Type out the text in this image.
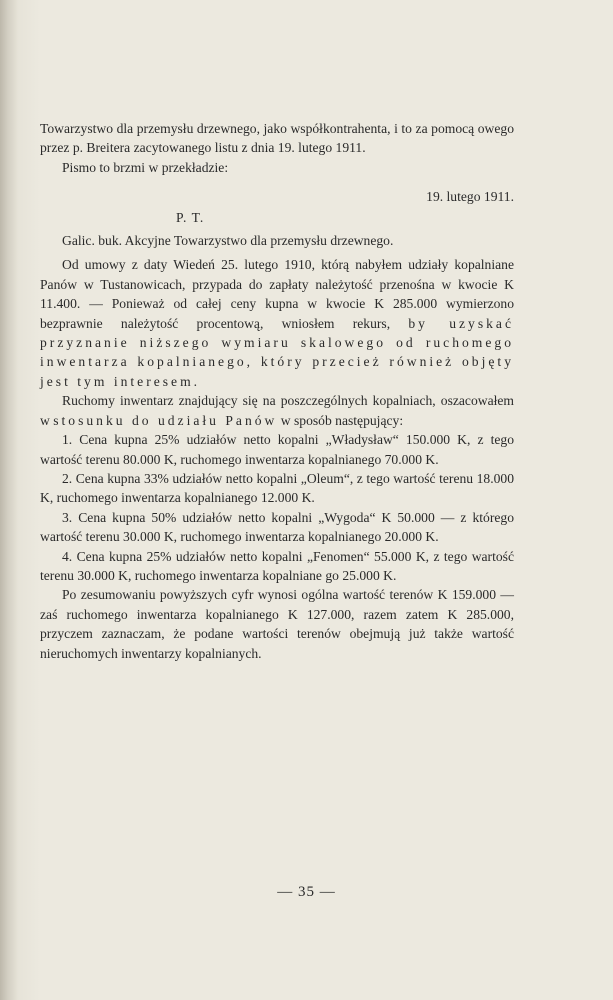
Towarzystwo dla przemysłu drzewnego, jako współkontrahenta, i to za pomocą owego przez p. Breitera zacytowanego listu z dnia 19. lutego 1911.

Pismo to brzmi w przekładzie:

19. lutego 1911.

P. T.

Galic. buk. Akcyjne Towarzystwo dla przemysłu drzewnego.

Od umowy z daty Wiedeń 25. lutego 1910, którą nabyłem udziały kopalniane Panów w Tustanowicach, przypada do zapłaty należytość przenośna w kwocie K 11.400. — Ponieważ od całej ceny kupna w kwocie K 285.000 wymierzono bezprawnie należytość procentową, wniosłem rekurs, by uzyskać przyznanie niższego wymiaru skalowego od ruchomego inwentarza kopalnianego, który przecież również objęty jest tym interesem.

Ruchomy inwentarz znajdujący się na poszczególnych kopalniach, oszacowałem w stosunku do udziału Panów w sposób następujący:

1. Cena kupna 25% udziałów netto kopalni „Władysław“ 150.000 K, z tego wartość terenu 80.000 K, ruchomego inwentarza kopalnianego 70.000 K.

2. Cena kupna 33% udziałów netto kopalni „Oleum“, z tego wartość terenu 18.000 K, ruchomego inwentarza kopalnianego 12.000 K.

3. Cena kupna 50% udziałów netto kopalni „Wygoda“ K 50.000 — z którego wartość terenu 30.000 K, ruchomego inwentarza kopalnianego 20.000 K.

4. Cena kupna 25% udziałów netto kopalni „Fenomen“ 55.000 K, z tego wartość terenu 30.000 K, ruchomego inwentarza kopalniane go 25.000 K.

Po zesumowaniu powyższych cyfr wynosi ogólna wartość terenów K 159.000 — zaś ruchomego inwentarza kopalnianego K 127.000, razem zatem K 285.000, przyczem zaznaczam, że podane wartości terenów obejmują już także wartość nieruchomych inwentarzy kopalnianych.

— 35 —
